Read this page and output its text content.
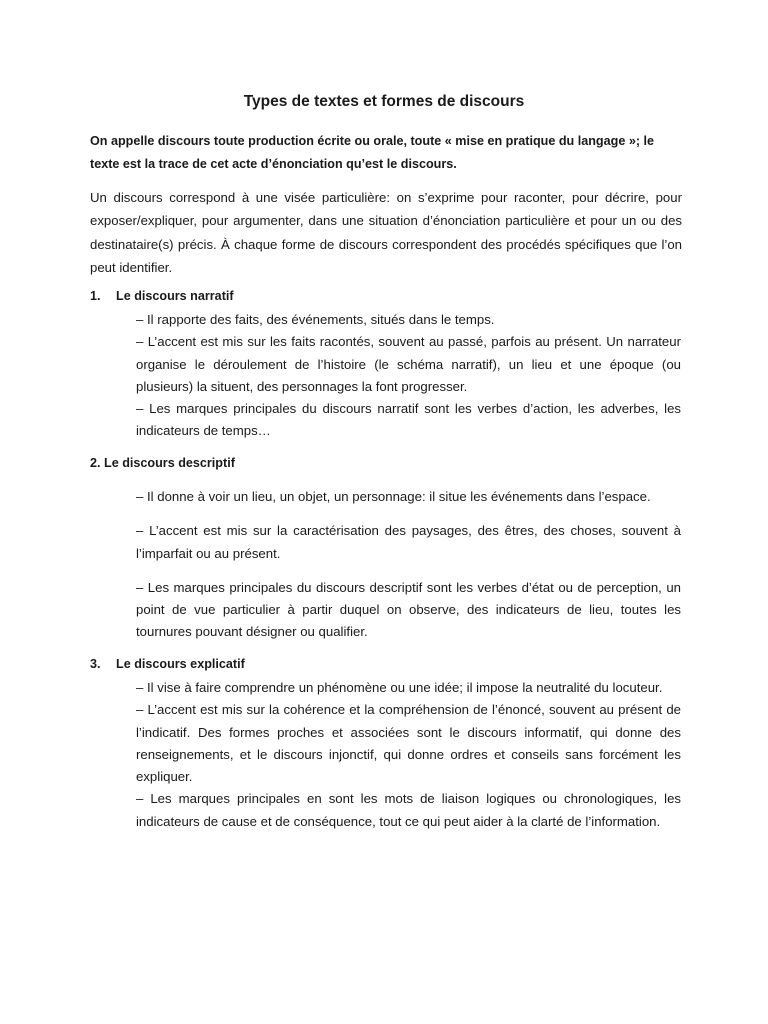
Types de textes et formes de discours

On appelle discours toute production écrite ou orale, toute « mise en pratique du langage »; le texte est la trace de cet acte d’énonciation qu’est le discours.

Un discours correspond à une visée particulière: on s’exprime pour raconter, pour décrire, pour exposer/expliquer, pour argumenter, dans une situation d’énonciation particulière et pour un ou des destinataire(s) précis. À chaque forme de discours correspondent des procédés spécifiques que l’on peut identifier.

1. Le discours narratif

– Il rapporte des faits, des événements, situés dans le temps.

– L’accent est mis sur les faits racontés, souvent au passé, parfois au présent. Un narrateur organise le déroulement de l’histoire (le schéma narratif), un lieu et une époque (ou plusieurs) la situent, des personnages la font progresser.

– Les marques principales du discours narratif sont les verbes d’action, les adverbes, les indicateurs de temps…

2. Le discours descriptif

– Il donne à voir un lieu, un objet, un personnage: il situe les événements dans l’espace.

– L’accent est mis sur la caractérisation des paysages, des êtres, des choses, souvent à l’imparfait ou au présent.

– Les marques principales du discours descriptif sont les verbes d’état ou de perception, un point de vue particulier à partir duquel on observe, des indicateurs de lieu, toutes les tournures pouvant désigner ou qualifier.

3. Le discours explicatif

– Il vise à faire comprendre un phénomène ou une idée; il impose la neutralité du locuteur.

– L’accent est mis sur la cohérence et la compréhension de l’énoncé, souvent au présent de l’indicatif. Des formes proches et associées sont le discours informatif, qui donne des renseignements, et le discours injonctif, qui donne ordres et conseils sans forcément les expliquer.

– Les marques principales en sont les mots de liaison logiques ou chronologiques, les indicateurs de cause et de conséquence, tout ce qui peut aider à la clarté de l’information.
